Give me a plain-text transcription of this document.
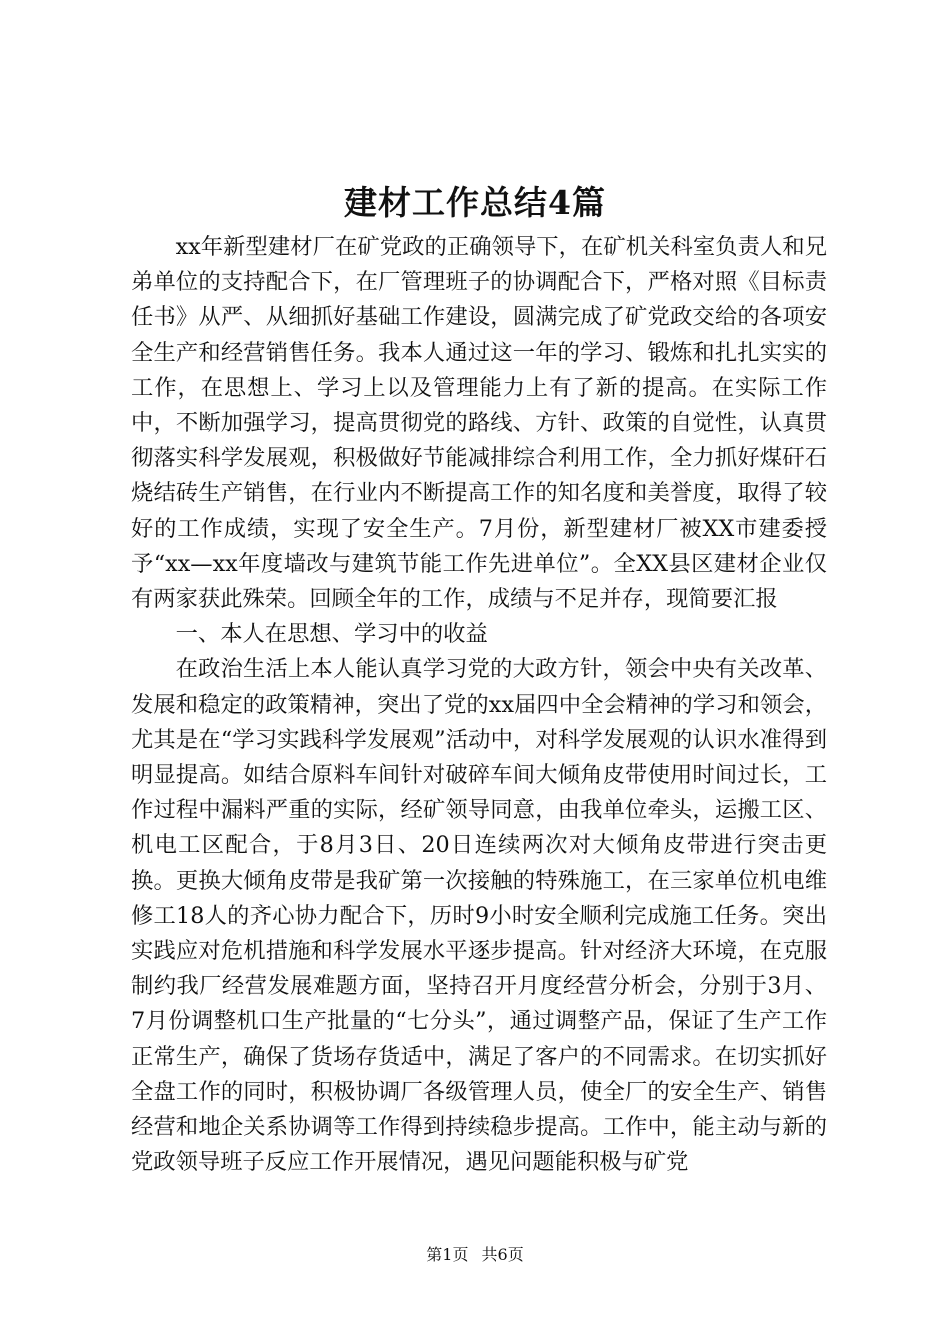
建材工作总结4篇

xx年新型建材厂在矿党政的正确领导下，在矿机关科室负责人和兄弟单位的支持配合下，在厂管理班子的协调配合下，严格对照《目标责任书》从严、从细抓好基础工作建设，圆满完成了矿党政交给的各项安全生产和经营销售任务。我本人通过这一年的学习、锻炼和扎扎实实的工作，在思想上、学习上以及管理能力上有了新的提高。在实际工作中，不断加强学习，提高贯彻党的路线、方针、政策的自觉性，认真贯彻落实科学发展观，积极做好节能减排综合利用工作，全力抓好煤矸石烧结砖生产销售，在行业内不断提高工作的知名度和美誉度，取得了较好的工作成绩，实现了安全生产。7月份，新型建材厂被XX市建委授予“xx—xx年度墙改与建筑节能工作先进单位”。全XX县区建材企业仅有两家获此殊荣。回顾全年的工作，成绩与不足并存，现简要汇报

一、本人在思想、学习中的收益

在政治生活上本人能认真学习党的大政方针，领会中央有关改革、发展和稳定的政策精神，突出了党的xx届四中全会精神的学习和领会，尤其是在“学习实践科学发展观”活动中，对科学发展观的认识水准得到明显提高。如结合原料车间针对破碎车间大倾角皮带使用时间过长，工作过程中漏料严重的实际，经矿领导同意，由我单位牵头，运搬工区、机电工区配合，于8月3日、20日连续两次对大倾角皮带进行突击更换。更换大倾角皮带是我矿第一次接触的特殊施工，在三家单位机电维修工18人的齐心协力配合下，历时9小时安全顺利完成施工任务。突出实践应对危机措施和科学发展水平逐步提高。针对经济大环境，在克服制约我厂经营发展难题方面，坚持召开月度经营分析会，分别于3月、7月份调整机口生产批量的“七分头”，通过调整产品，保证了生产工作正常生产，确保了货场存货适中，满足了客户的不同需求。在切实抓好全盘工作的同时，积极协调厂各级管理人员，使全厂的安全生产、销售经营和地企关系协调等工作得到持续稳步提高。工作中，能主动与新的党政领导班子反应工作开展情况，遇见问题能积极与矿党

第1页 共6页
